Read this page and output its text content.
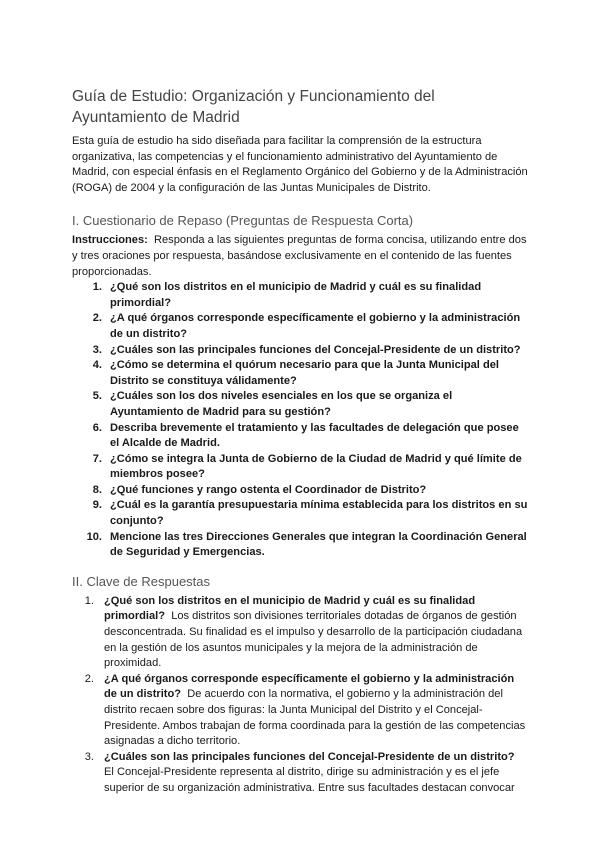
Guía de Estudio: Organización y Funcionamiento del Ayuntamiento de Madrid

Esta guía de estudio ha sido diseñada para facilitar la comprensión de la estructura organizativa, las competencias y el funcionamiento administrativo del Ayuntamiento de Madrid, con especial énfasis en el Reglamento Orgánico del Gobierno y de la Administración (ROGA) de 2004 y la configuración de las Juntas Municipales de Distrito.

I. Cuestionario de Repaso (Preguntas de Respuesta Corta)

Instrucciones: Responda a las siguientes preguntas de forma concisa, utilizando entre dos y tres oraciones por respuesta, basándose exclusivamente en el contenido de las fuentes proporcionadas.

1. ¿Qué son los distritos en el municipio de Madrid y cuál es su finalidad primordial?
2. ¿A qué órganos corresponde específicamente el gobierno y la administración de un distrito?
3. ¿Cuáles son las principales funciones del Concejal-Presidente de un distrito?
4. ¿Cómo se determina el quórum necesario para que la Junta Municipal del Distrito se constituya válidamente?
5. ¿Cuáles son los dos niveles esenciales en los que se organiza el Ayuntamiento de Madrid para su gestión?
6. Describa brevemente el tratamiento y las facultades de delegación que posee el Alcalde de Madrid.
7. ¿Cómo se integra la Junta de Gobierno de la Ciudad de Madrid y qué límite de miembros posee?
8. ¿Qué funciones y rango ostenta el Coordinador de Distrito?
9. ¿Cuál es la garantía presupuestaria mínima establecida para los distritos en su conjunto?
10. Mencione las tres Direcciones Generales que integran la Coordinación General de Seguridad y Emergencias.
II. Clave de Respuestas
1. ¿Qué son los distritos en el municipio de Madrid y cuál es su finalidad primordial? Los distritos son divisiones territoriales dotadas de órganos de gestión desconcentrada. Su finalidad es el impulso y desarrollo de la participación ciudadana en la gestión de los asuntos municipales y la mejora de la administración de proximidad.
2. ¿A qué órganos corresponde específicamente el gobierno y la administración de un distrito? De acuerdo con la normativa, el gobierno y la administración del distrito recaen sobre dos figuras: la Junta Municipal del Distrito y el Concejal-Presidente. Ambos trabajan de forma coordinada para la gestión de las competencias asignadas a dicho territorio.
3. ¿Cuáles son las principales funciones del Concejal-Presidente de un distrito?  El Concejal-Presidente representa al distrito, dirige su administración y es el jefe superior de su organización administrativa. Entre sus facultades destacan convocar
